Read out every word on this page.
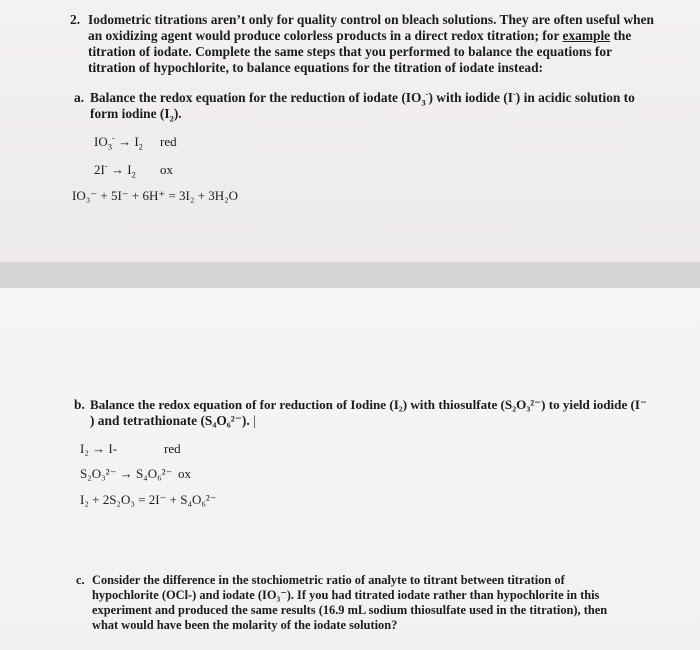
2. Iodometric titrations aren’t only for quality control on bleach solutions. They are often useful when
an oxidizing agent would produce colorless products in a direct redox titration; for example the
titration of iodate. Complete the same steps that you performed to balance the equations for
titration of hypochlorite, to balance equations for the titration of iodate instead:
a. Balance the redox equation for the reduction of iodate $(IO_3^-)$ with iodide (I-) in acidic solution to
form iodine $(I_2)$.
$IO_3^- \to I_2$ red
$2I^- \to I_2$ ox
IO₃⁻ + 5I⁻ + 6H⁺ = 3I₂ + 3H₂O
b. Balance the redox equation of for reduction of Iodine (I₂) with thiosulfate (S₂O₃²⁻) to yield iodide (I⁻
) and tetrathionate (S₄O₆²⁻). |
I₂ → I-	red
S₂O₃²⁻ → S₄O₆²⁻ ox
I₂ + 2S₂O₃ = 2I⁻ + S₄O₆²⁻
c. Consider the difference in the stochiometric ratio of analyte to titrant between titration of
hypochlorite (OCl-) and iodate (IO₃⁻). If you had titrated iodate rather than hypochlorite in this
experiment and produced the same results (16.9 mL sodium thiosulfate used in the titration), then
what would have been the molarity of the iodate solution?
